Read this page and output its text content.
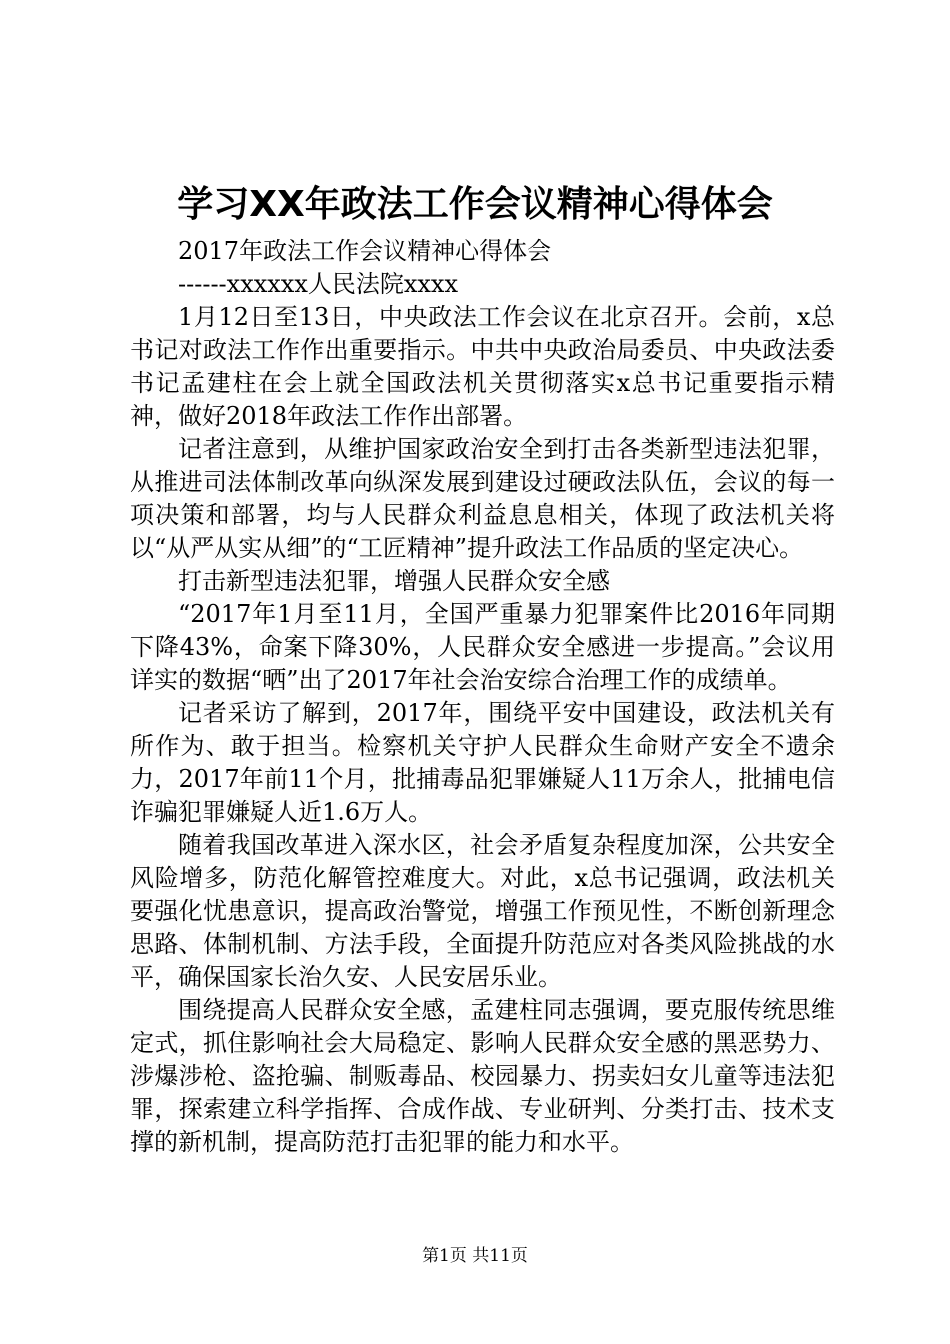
学习XX年政法工作会议精神心得体会

2017年政法工作会议精神心得体会

------xxxxxx人民法院xxxx

1月12日至13日，中央政法工作会议在北京召开。会前，x总书记对政法工作作出重要指示。中共中央政治局委员、中央政法委书记孟建柱在会上就全国政法机关贯彻落实x总书记重要指示精神，做好2018年政法工作作出部署。

记者注意到，从维护国家政治安全到打击各类新型违法犯罪，从推进司法体制改革向纵深发展到建设过硬政法队伍，会议的每一项决策和部署，均与人民群众利益息息相关，体现了政法机关将以“从严从实从细”的“工匠精神”提升政法工作品质的坚定决心。

打击新型违法犯罪，增强人民群众安全感

“2017年1月至11月，全国严重暴力犯罪案件比2016年同期下降43%，命案下降30%，人民群众安全感进一步提高。”会议用详实的数据“晒”出了2017年社会治安综合治理工作的成绩单。

记者采访了解到，2017年，围绕平安中国建设，政法机关有所作为、敢于担当。检察机关守护人民群众生命财产安全不遗余力，2017年前11个月，批捕毒品犯罪嫌疑人11万余人，批捕电信诈骗犯罪嫌疑人近1.6万人。

随着我国改革进入深水区，社会矛盾复杂程度加深，公共安全风险增多，防范化解管控难度大。对此，x总书记强调，政法机关要强化忧患意识，提高政治警觉，增强工作预见性，不断创新理念思路、体制机制、方法手段，全面提升防范应对各类风险挑战的水平，确保国家长治久安、人民安居乐业。

围绕提高人民群众安全感，孟建柱同志强调，要克服传统思维定式，抓住影响社会大局稳定、影响人民群众安全感的黑恶势力、涉爆涉枪、盗抢骗、制贩毒品、校园暴力、拐卖妇女儿童等违法犯罪，探索建立科学指挥、合成作战、专业研判、分类打击、技术支撑的新机制，提高防范打击犯罪的能力和水平。

第1页 共11页
